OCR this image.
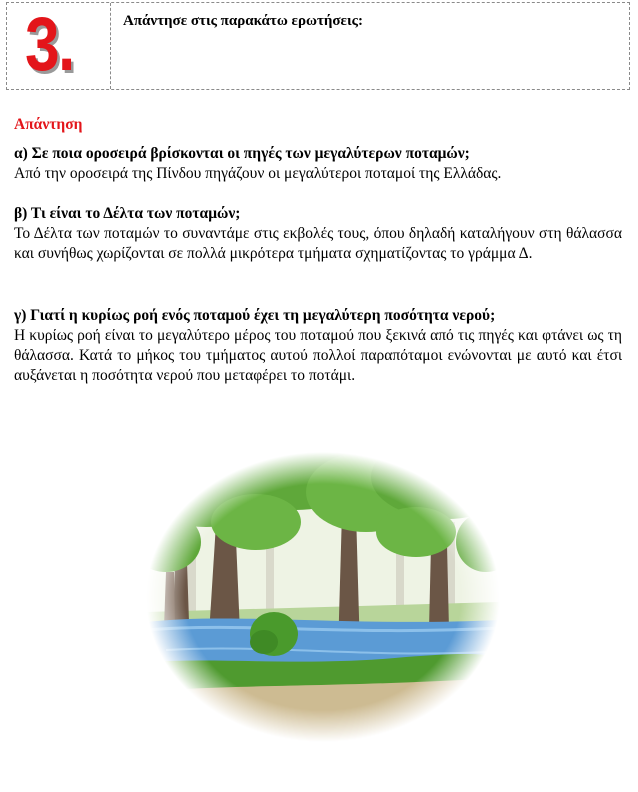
3.	Απάντησε στις παρακάτω ερωτήσεις:
Απάντηση
α) Σε ποια οροσειρά βρίσκονται οι πηγές των μεγαλύτερων ποταμών;
Από την οροσειρά της Πίνδου πηγάζουν οι μεγαλύτεροι ποταμοί της Ελλάδας.
β) Τι είναι το Δέλτα των ποταμών;
Το Δέλτα των ποταμών το συναντάμε στις εκβολές τους, όπου δηλαδή καταλήγουν στη θάλασσα και συνήθως χωρίζονται σε πολλά μικρότερα τμήματα σχηματίζοντας το γράμμα Δ.
γ) Γιατί η κυρίως ροή ενός ποταμού έχει τη μεγαλύτερη ποσότητα νερού;
Η κυρίως ροή είναι το μεγαλύτερο μέρος του ποταμού που ξεκινά από τις πηγές και φτάνει ως τη θάλασσα. Κατά το μήκος του τμήματος αυτού πολλοί παραπόταμοι ενώνονται με αυτό και έτσι αυξάνεται η ποσότητα νερού που μεταφέρει το ποτάμι.
